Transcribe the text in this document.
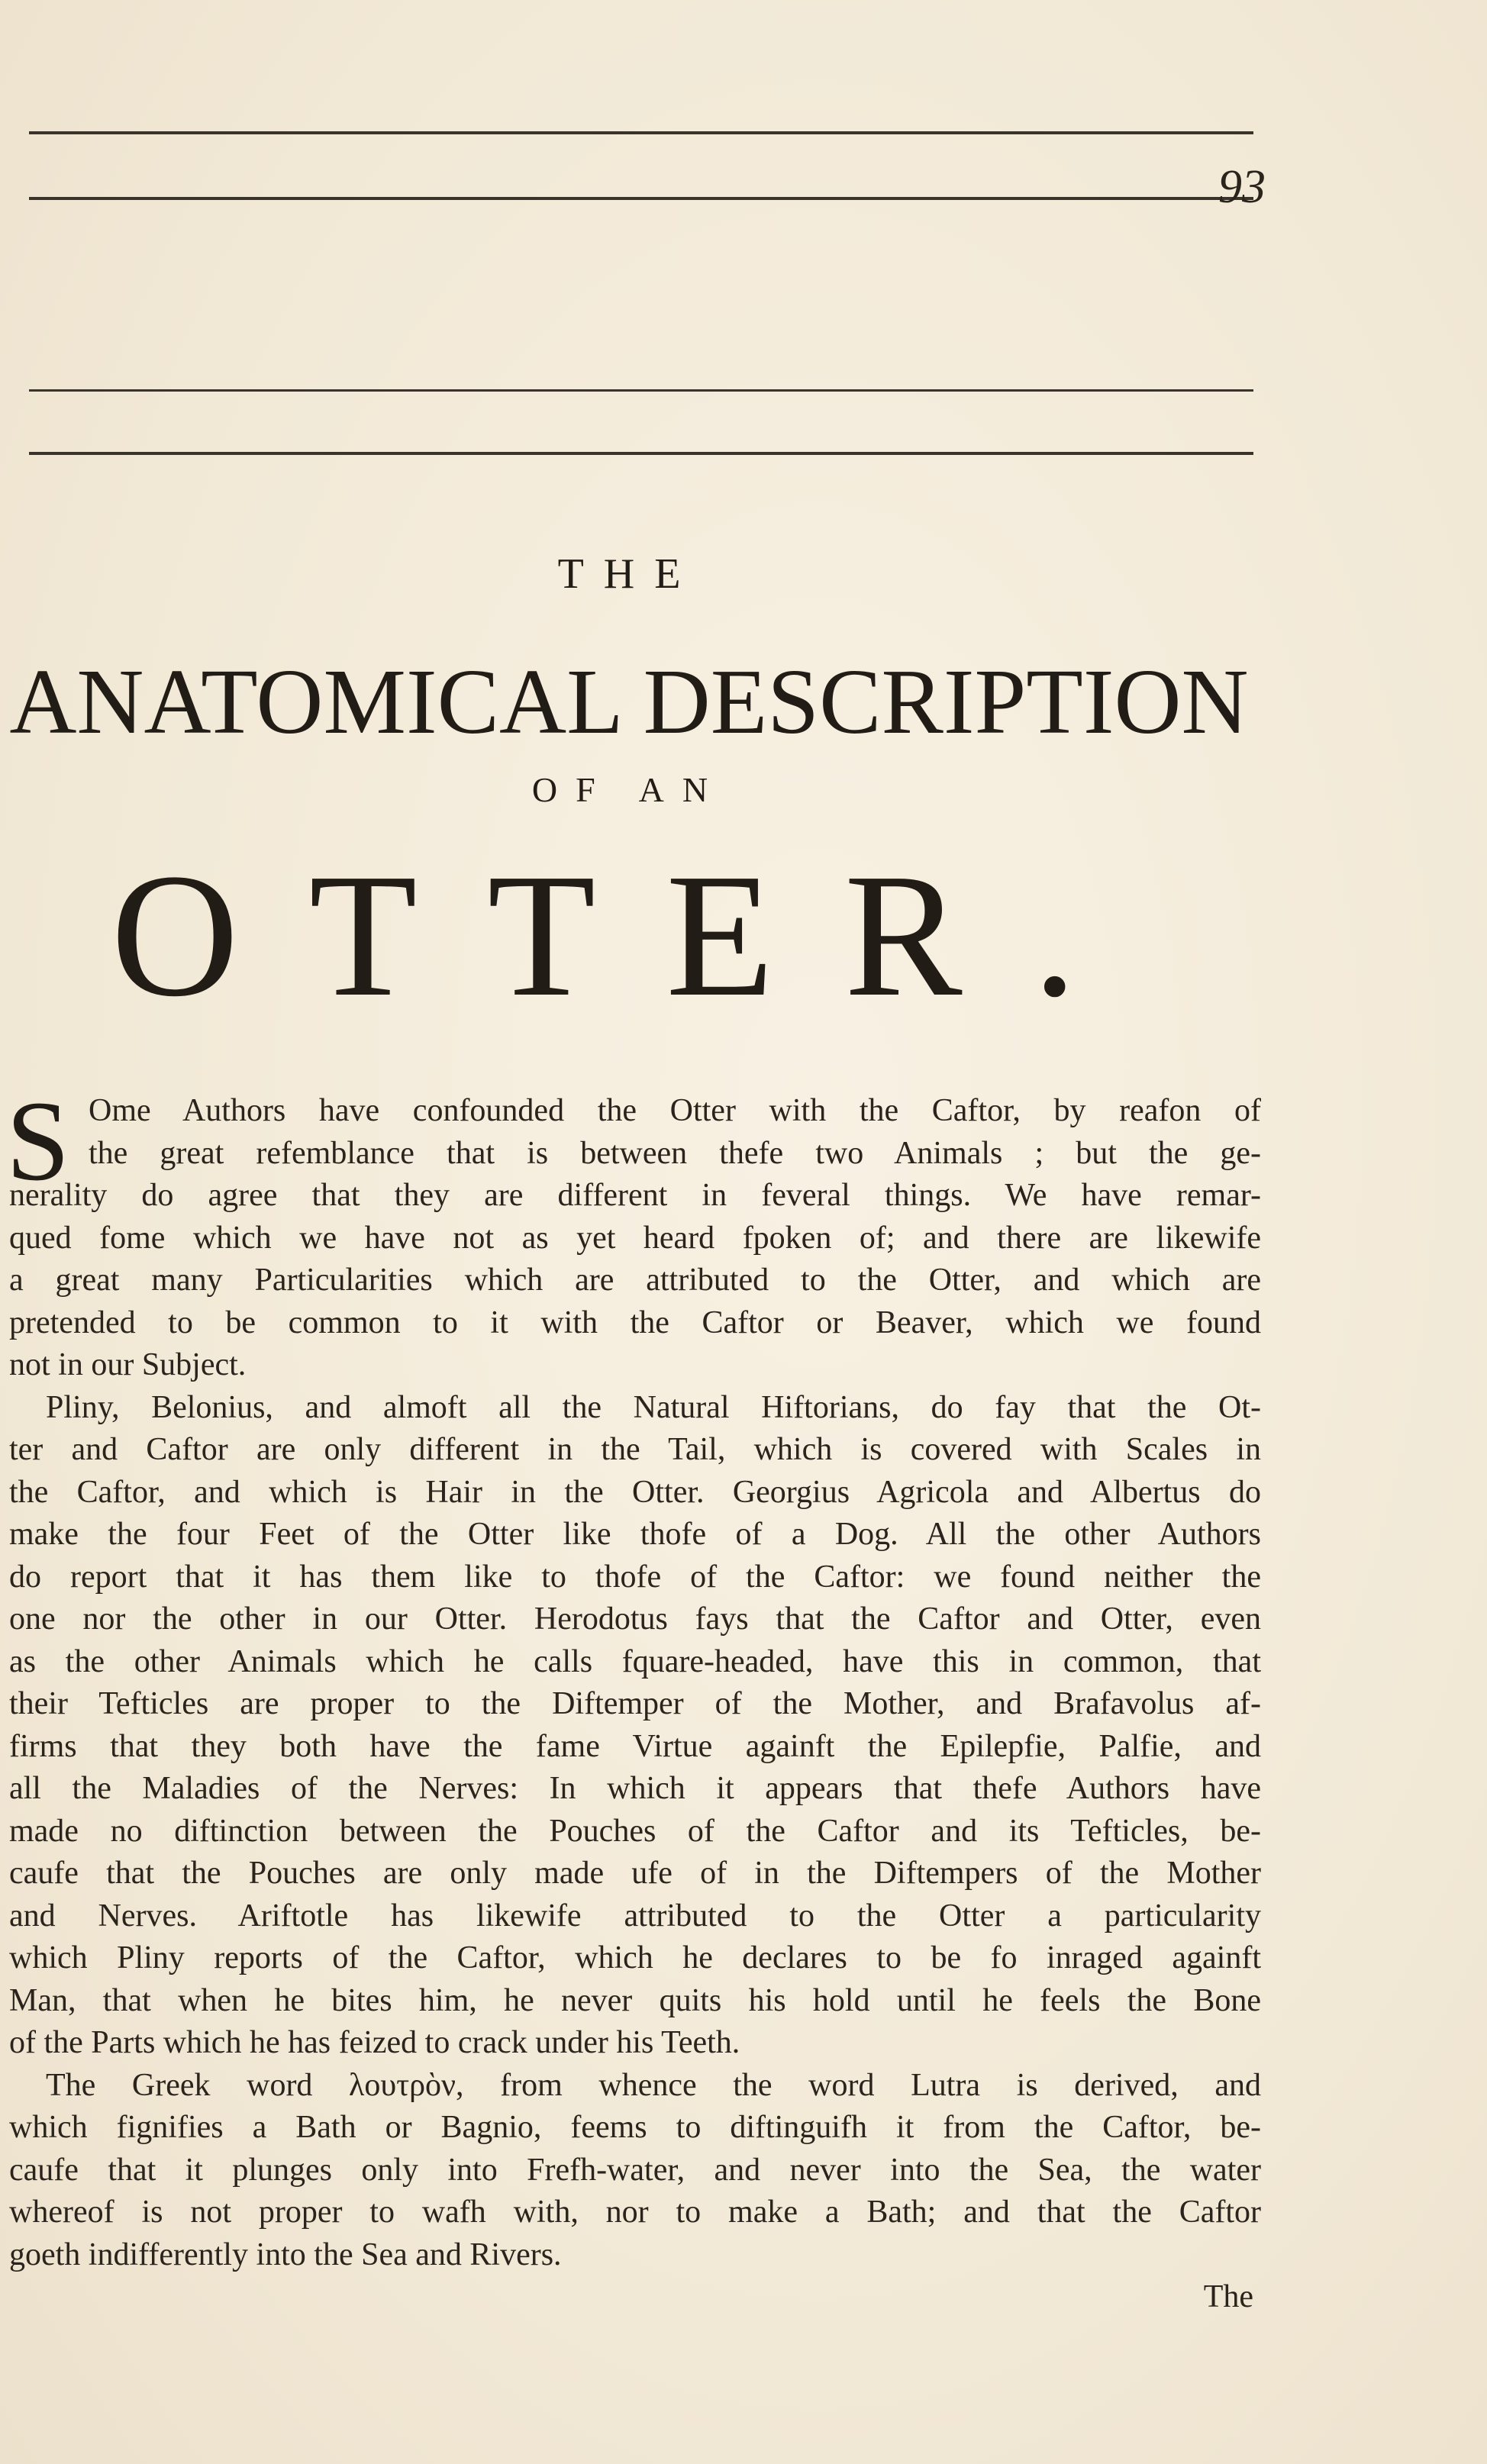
93
THE
ANATOMICAL DESCRIPTION
OF AN
OTTER.
S Ome Authors have confounded the Otter with the Caftor, by reafon of
the great refemblance that is between thefe two Animals ; but the ge-
nerality do agree that they are different in feveral things. We have remar-
qued fome which we have not as yet heard fpoken of; and there are likewife
a great many Particularities which are attributed to the Otter, and which are
pretended to be common to it with the Caftor or Beaver, which we found
not in our Subject.
Pliny, Belonius, and almoft all the Natural Hiftorians, do fay that the Ot-
ter and Caftor are only different in the Tail, which is covered with Scales in
the Caftor, and which is Hair in the Otter. Georgius Agricola and Albertus do
make the four Feet of the Otter like thofe of a Dog. All the other Authors
do report that it has them like to thofe of the Caftor: we found neither the
one nor the other in our Otter. Herodotus fays that the Caftor and Otter, even
as the other Animals which he calls fquare-headed, have this in common, that
their Tefticles are proper to the Diftemper of the Mother, and Brafavolus af-
firms that they both have the fame Virtue againft the Epilepfie, Palfie, and
all the Maladies of the Nerves: In which it appears that thefe Authors have
made no diftinction between the Pouches of the Caftor and its Tefticles, be-
caufe that the Pouches are only made ufe of in the Diftempers of the Mother
and Nerves. Ariftotle has likewife attributed to the Otter a particularity
which Pliny reports of the Caftor, which he declares to be fo inraged againft
Man, that when he bites him, he never quits his hold until he feels the Bone
of the Parts which he has feized to crack under his Teeth.
The Greek word λουτρὸν, from whence the word Lutra is derived, and
which fignifies a Bath or Bagnio, feems to diftinguifh it from the Caftor, be-
caufe that it plunges only into Frefh-water, and never into the Sea, the water
whereof is not proper to wafh with, nor to make a Bath; and that the Caftor
goeth indifferently into the Sea and Rivers.
The
